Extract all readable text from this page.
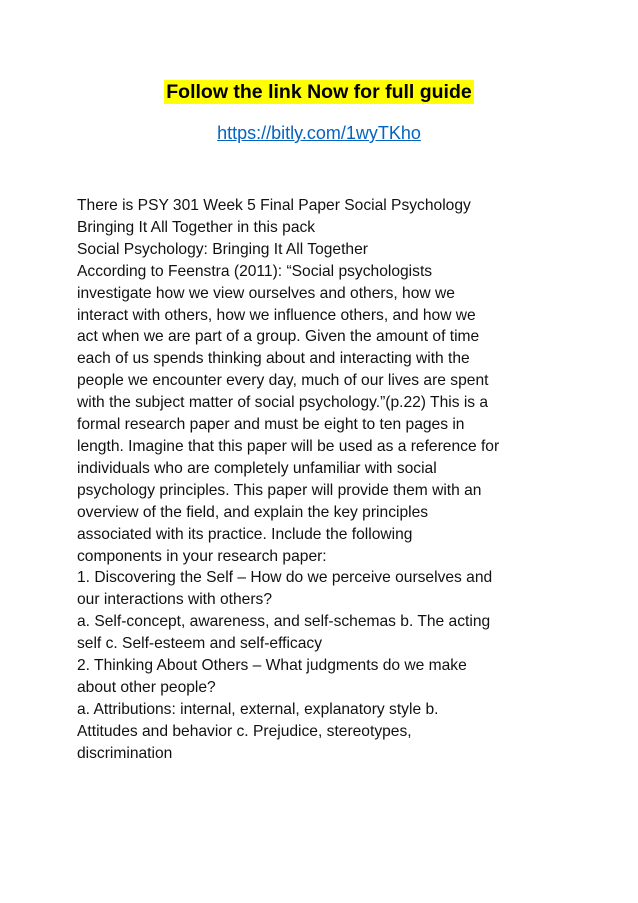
Follow the link Now for full guide
https://bitly.com/1wyTKho
There is PSY 301 Week 5 Final Paper Social Psychology
Bringing It All Together in this pack
Social Psychology: Bringing It All Together
According to Feenstra (2011): “Social psychologists
investigate how we view ourselves and others, how we
interact with others, how we influence others, and how we
act when we are part of a group. Given the amount of time
each of us spends thinking about and interacting with the
people we encounter every day, much of our lives are spent
with the subject matter of social psychology.”(p.22) This is a
formal research paper and must be eight to ten pages in
length. Imagine that this paper will be used as a reference for
individuals who are completely unfamiliar with social
psychology principles. This paper will provide them with an
overview of the field, and explain the key principles
associated with its practice. Include the following
components in your research paper:
1. Discovering the Self – How do we perceive ourselves and
our interactions with others?
a. Self-concept, awareness, and self-schemas b. The acting
self c. Self-esteem and self-efficacy
2. Thinking About Others – What judgments do we make
about other people?
a. Attributions: internal, external, explanatory style b.
Attitudes and behavior c. Prejudice, stereotypes,
discrimination
